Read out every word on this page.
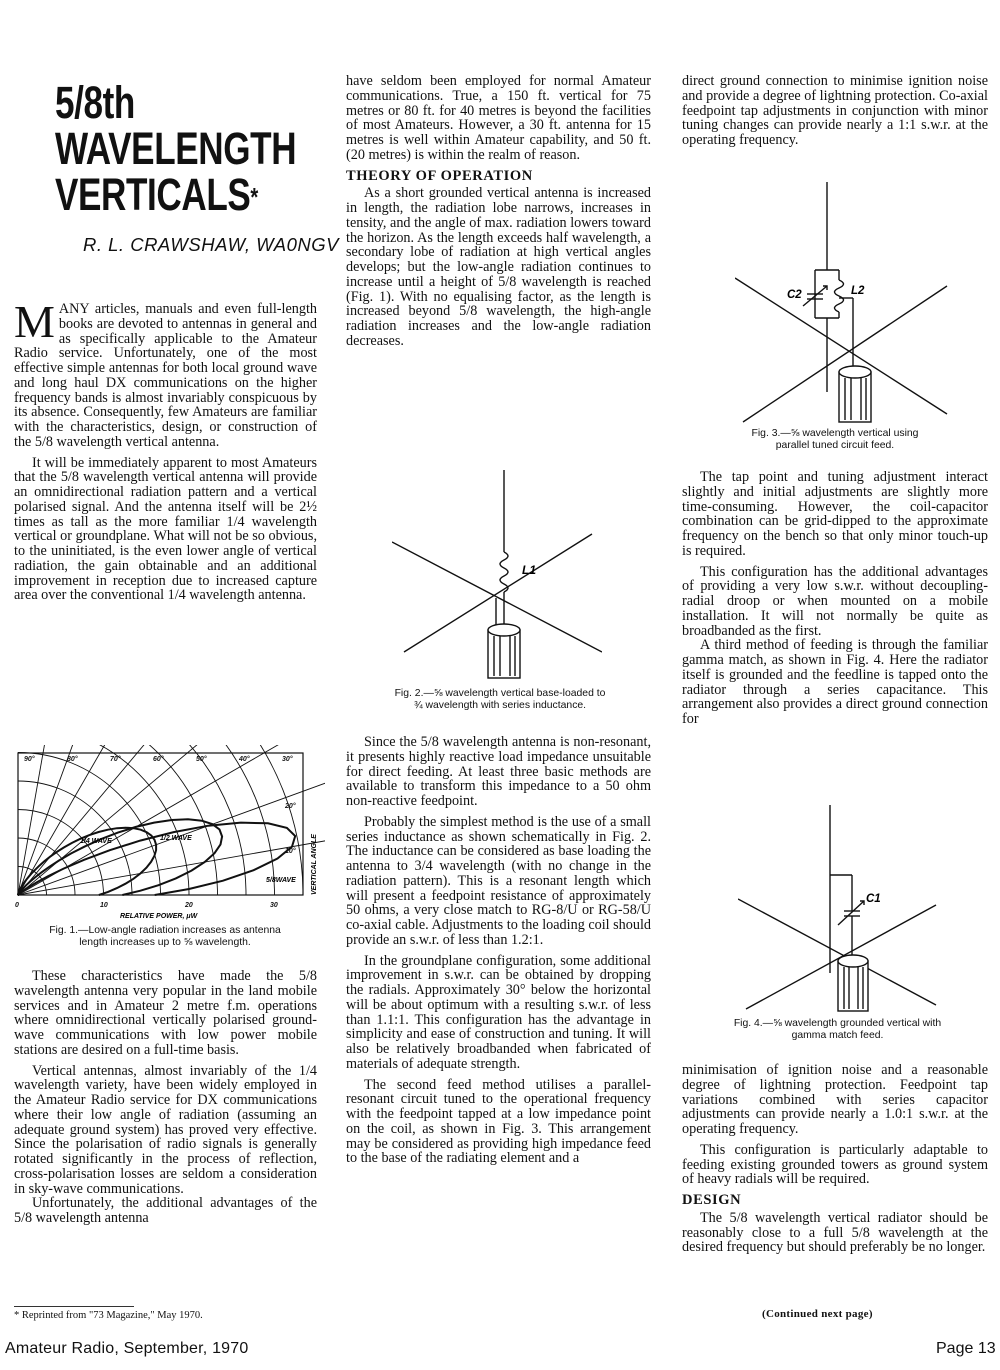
5/8th
WAVELENGTH
VERTICALS*
R. L. CRAWSHAW, WA0NGV

MANY articles, manuals and even full-length books are devoted to antennas in general and as specifically applicable to the Amateur Radio service. Unfortunately, one of the most effective simple antennas for both local ground wave and long haul DX communications on the higher frequency bands is almost invariably conspicuous by its absence. Consequently, few Amateurs are familiar with the characteristics, design, or construction of the 5/8 wavelength vertical antenna.

It will be immediately apparent to most Amateurs that the 5/8 wavelength vertical antenna will provide an omnidirectional radiation pattern and a vertical polarised signal. And the antenna itself will be 2½ times as tall as the more familiar 1/4 wavelength vertical or groundplane. What will not be so obvious, to the uninitiated, is the even lower angle of vertical radiation, the gain obtainable and an additional improvement in reception due to increased capture area over the conventional 1/4 wavelength antenna.

1/4 WAVE	1/2 WAVE
5/8WAVE
RELATIVE POWER, μW
VERTICAL ANGLE
0	10	20	30
90°	80°	70°	60°	50°	40°	30°
20°
10°
Fig. 1.—Low-angle radiation increases as antenna
length increases up to ⅝ wavelength.

These characteristics have made the 5/8 wavelength antenna very popular in the land mobile services and in Amateur 2 metre f.m. operations where omnidirectional vertically polarised ground-wave communications with low power mobile stations are desired on a full-time basis.

Vertical antennas, almost invariably of the 1/4 wavelength variety, have been widely employed in the Amateur Radio service for DX communications where their low angle of radiation (assuming an adequate ground system) has proved very effective. Since the polarisation of radio signals is generally rotated significantly in the process of reflection, cross-polarisation losses are seldom a consideration in sky-wave communications.

Unfortunately, the additional advantages of the 5/8 wavelength antenna

have seldom been employed for normal Amateur communications. True, a 150 ft. vertical for 75 metres or 80 ft. for 40 metres is beyond the facilities of most Amateurs. However, a 30 ft. antenna for 15 metres is well within Amateur capability, and 50 ft. (20 metres) is within the realm of reason.

THEORY OF OPERATION

As a short grounded vertical antenna is increased in length, the radiation lobe narrows, increases in tensity, and the angle of max. radiation lowers toward the horizon. As the length exceeds half wavelength, a secondary lobe of radiation at high vertical angles develops; but the low-angle radiation continues to increase until a height of 5/8 wavelength is reached (Fig. 1). With no equalising factor, as the length is increased beyond 5/8 wavelength, the high-angle radiation increases and the low-angle radiation decreases.

L1
Fig. 2.—⅝ wavelength vertical base-loaded to
¾ wavelength with series inductance.

Since the 5/8 wavelength antenna is non-resonant, it presents highly reactive load impedance unsuitable for direct feeding. At least three basic methods are available to transform this impedance to a 50 ohm non-reactive feedpoint.

Probably the simplest method is the use of a small series inductance as shown schematically in Fig. 2. The inductance can be considered as base loading the antenna to 3/4 wavelength (with no change in the radiation pattern). This is a resonant length which will present a feedpoint resistance of approximately 50 ohms, a very close match to RG-8/U or RG-58/U co-axial cable. Adjustments to the loading coil should provide an s.w.r. of less than 1.2:1.

In the groundplane configuration, some additional improvement in s.w.r. can be obtained by dropping the radials. Approximately 30° below the horizontal will be about optimum with a resulting s.w.r. of less than 1.1:1. This configuration has the advantage in simplicity and ease of construction and tuning. It will also be relatively broadbanded when fabricated of materials of adequate strength.

The second feed method utilises a parallel-resonant circuit tuned to the operational frequency with the feedpoint tapped at a low impedance point on the coil, as shown in Fig. 3. This arrangement may be considered as providing high impedance feed to the base of the radiating element and a

direct ground connection to minimise ignition noise and provide a degree of lightning protection. Co-axial feedpoint tap adjustments in conjunction with minor tuning changes can provide nearly a 1:1 s.w.r. at the operating frequency.

C2	L2
Fig. 3.—⅝ wavelength vertical using
parallel tuned circuit feed.

The tap point and tuning adjustment interact slightly and initial adjustments are slightly more time-consuming. However, the coil-capacitor combination can be grid-dipped to the approximate frequency on the bench so that only minor touch-up is required.

This configuration has the additional advantages of providing a very low s.w.r. without decoupling-radial droop or when mounted on a mobile installation. It will not normally be quite as broadbanded as the first.

A third method of feeding is through the familiar gamma match, as shown in Fig. 4. Here the radiator itself is grounded and the feedline is tapped onto the radiator through a series capacitance. This arrangement also provides a direct ground connection for

C1
Fig. 4.—⅝ wavelength grounded vertical with
gamma match feed.

minimisation of ignition noise and a reasonable degree of lightning protection. Feedpoint tap variations combined with series capacitor adjustments can provide nearly a 1.0:1 s.w.r. at the operating frequency.

This configuration is particularly adaptable to feeding existing grounded towers as ground system of heavy radials will be required.

DESIGN

The 5/8 wavelength vertical radiator should be reasonably close to a full 5/8 wavelength at the desired frequency but should preferably be no longer.

(Continued next page)
* Reprinted from "73 Magazine," May 1970.
Amateur Radio, September, 1970	Page 13
